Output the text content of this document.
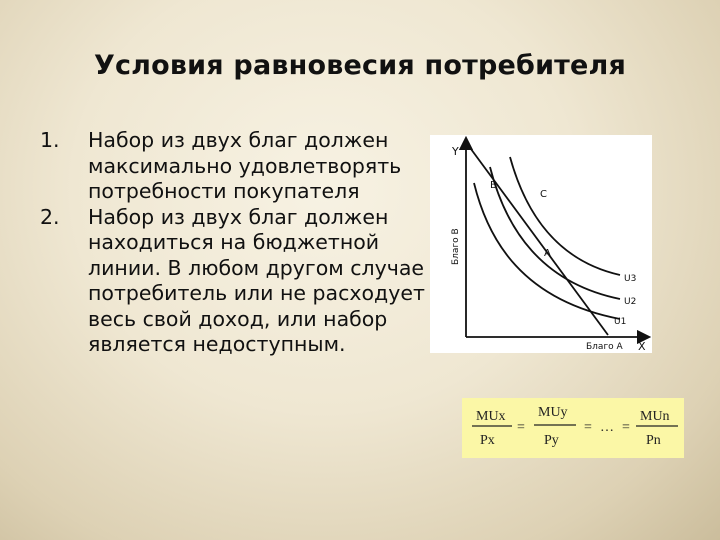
Условия равновесия потребителя
1. Набор из двух благ должен максимально удовлетворять потребности покупателя
2. Набор из двух благ должен находиться на бюджетной линии. В любом другом случае потребитель или не расходует весь свой доход, или набор является недоступным.
Y
X
Благо В
Благо А
B
C
A
U3
U2
U1
MUx
Px
=
MUy
Py
= … =
MUn
Pn
